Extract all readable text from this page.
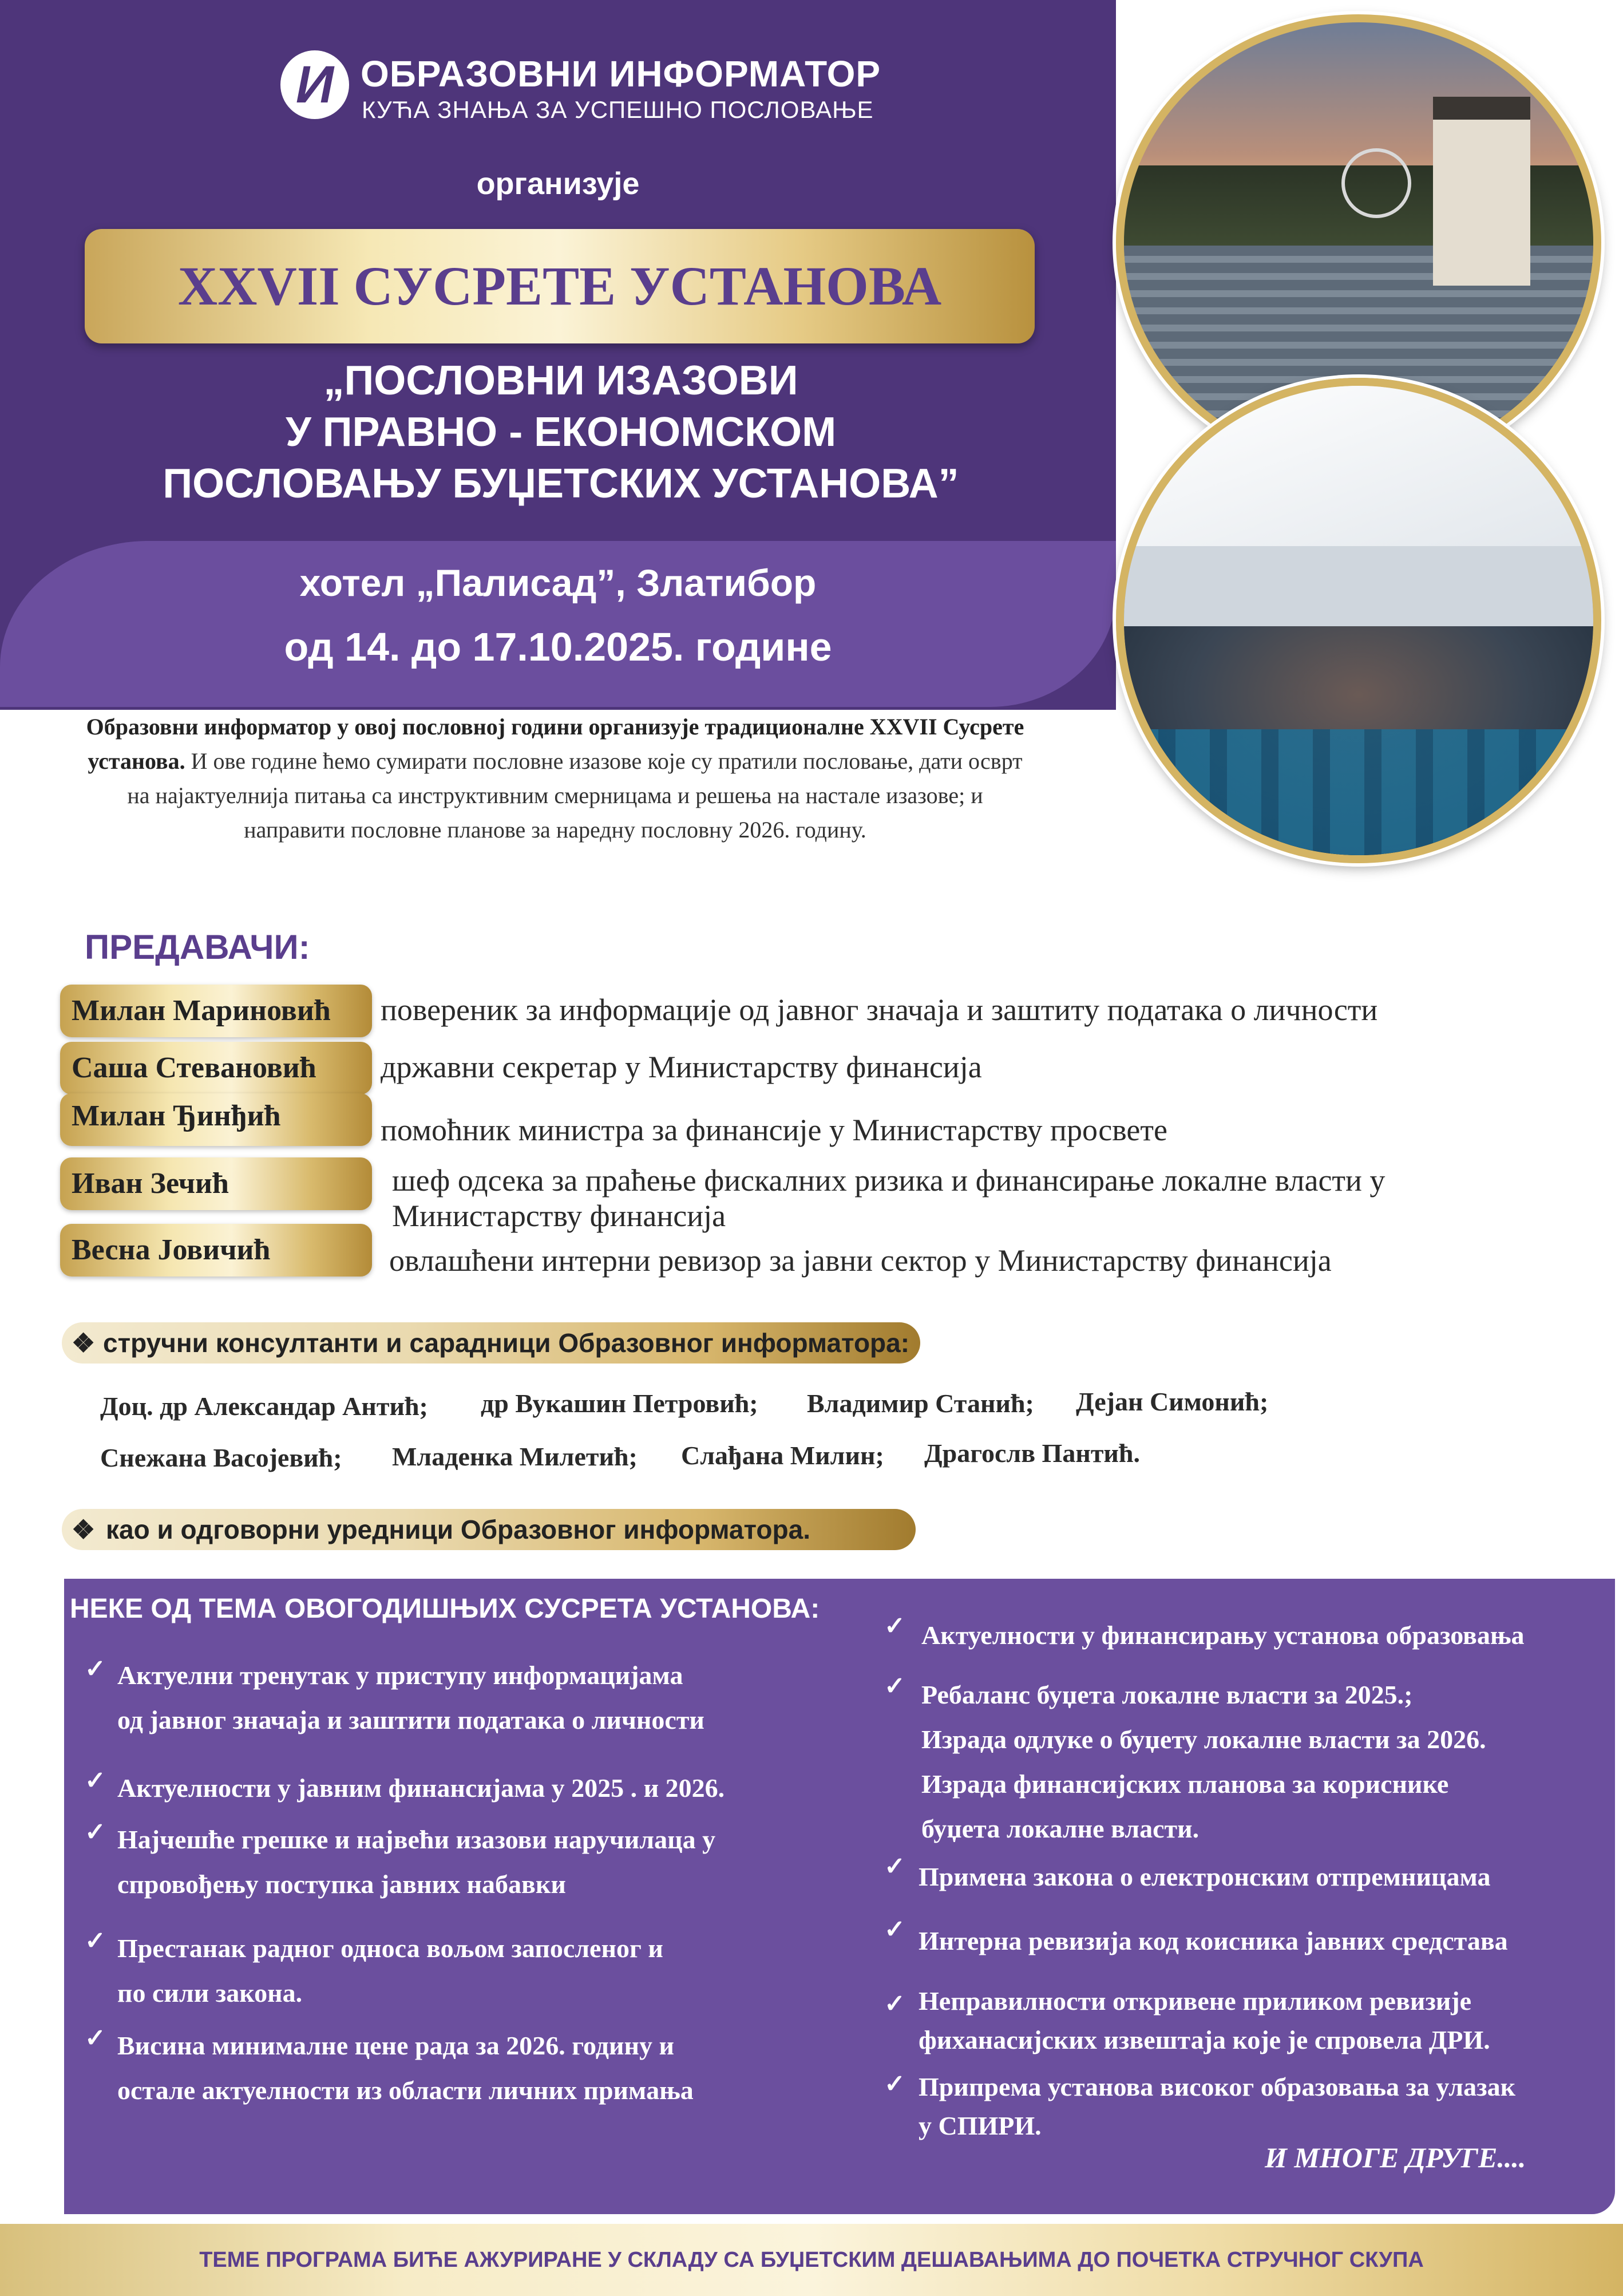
И ОБРАЗОВНИ ИНФОРМАТОР
КУЋА ЗНАЊА ЗА УСПЕШНО ПОСЛОВАЊЕ
организује
XXVII СУСРЕТЕ УСТАНОВА
„ПОСЛОВНИ ИЗАЗОВИ
У ПРАВНО - ЕКОНОМСКОМ
ПОСЛОВАЊУ БУЏЕТСКИХ УСТАНОВА”
хотел „Палисад”, Златибор
од 14. до 17.10.2025. године
Образовни информатор у овој пословној години организује традиционалне XXVII Сусрете установа. И ове године ћемо сумирати пословне изазове које су пратили пословање, дати осврт на најактуелнија питања са инструктивним смерницама и решења на настале изазове; и направити пословне планове за наредну пословну 2026. годину.
ПРЕДАВАЧИ:
Милан Мариновић	повереник за информације од јавног значаја и заштиту података о личности
Саша Стевановић	државни секретар у Министарству финансија
Милан Ђинђић	помоћник министра за финансије у Министарству просвете
Иван Зечић	шеф одсека за праћење фискалних ризика и финансирање локалне власти у
Министарству финансија
Весна Јовичић	овлашћени интерни ревизор за јавни сектор у Министарству финансија
❖ стручни консултанти и сарадници Образовног информатора:
Доц. др Александар Антић; др Вукашин Петровић; Владимир Станић; Дејан Симонић;
Снежана Васојевић; Младенка Милетић; Слађана Милин; Драгослв Пантић.
❖ као и одговорни уредници Образовног информатора.
НЕКЕ ОД ТЕМА ОВОГОДИШЊИХ СУСРЕТА УСТАНОВА:
✓ Актуелни тренутак у приступу информацијама
од јавног значаја и заштити података о личности
✓ Актуелности у јавним финансијама у 2025 . и 2026.
✓ Најчешће грешке и највећи изазови наручилаца у
спровођењу поступка јавних набавки
✓ Престанак радног односа вољом запосленог и
по сили закона.
✓ Висина минималне цене рада за 2026. годину и
остале актуелности из области личних примања
✓ Актуелности у финансирању установа образовања
✓ Ребаланс буџета локалне власти за 2025.;
Израда одлуке о буџету локалне власти за 2026.
Израда финансијских планова за кориснике
буџета локалне власти.
✓ Примена закона о електронским отпремницама
✓ Интерна ревизија код коисника јавних средстава
✓ Неправилности откривене приликом ревизије
фиханасијских извештаја које је спровела ДРИ.
✓ Припрема установа високог образовања за улазак
у СПИРИ.
И МНОГЕ ДРУГЕ....
ТЕМЕ ПРОГРАМА БИЋЕ АЖУРИРАНЕ У СКЛАДУ СА БУЏЕТСКИМ ДЕШАВАЊИМА ДО ПОЧЕТКА СТРУЧНОГ СКУПА
